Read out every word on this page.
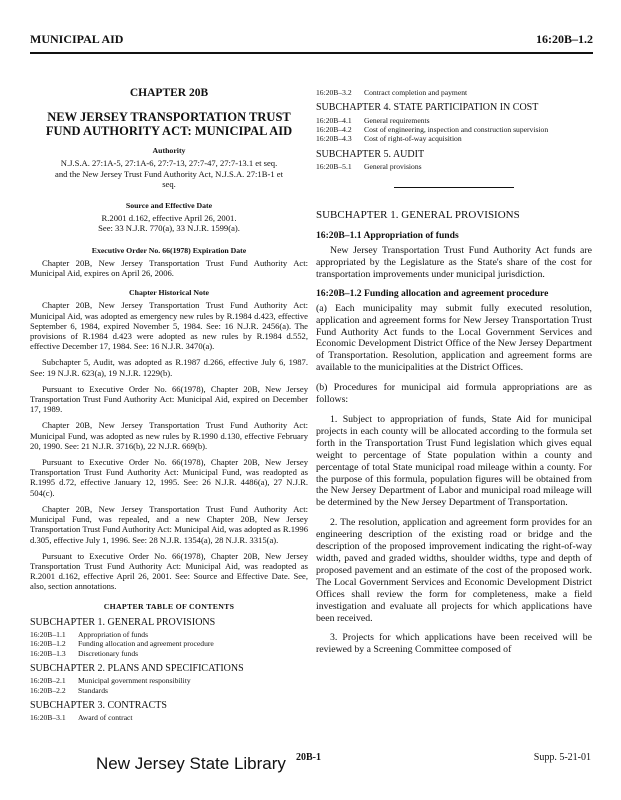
MUNICIPAL AID	16:20B–1.2
CHAPTER 20B
NEW JERSEY TRANSPORTATION TRUST FUND AUTHORITY ACT: MUNICIPAL AID
Authority
N.J.S.A. 27:1A-5, 27:1A-6, 27:7-13, 27:7-47, 27:7-13.1 et seq. and the New Jersey Trust Fund Authority Act, N.J.S.A. 27:1B-1 et seq.
Source and Effective Date
R.2001 d.162, effective April 26, 2001.
See: 33 N.J.R. 770(a), 33 N.J.R. 1599(a).
Executive Order No. 66(1978) Expiration Date
Chapter 20B, New Jersey Transportation Trust Fund Authority Act: Municipal Aid, expires on April 26, 2006.
Chapter Historical Note
Chapter 20B, New Jersey Transportation Trust Fund Authority Act: Municipal Aid, was adopted as emergency new rules by R.1984 d.423, effective September 6, 1984, expired November 5, 1984. See: 16 N.J.R. 2456(a). The provisions of R.1984 d.423 were adopted as new rules by R.1984 d.552, effective December 17, 1984. See: 16 N.J.R. 3470(a).
Subchapter 5, Audit, was adopted as R.1987 d.266, effective July 6, 1987. See: 19 N.J.R. 623(a), 19 N.J.R. 1229(b).
Pursuant to Executive Order No. 66(1978), Chapter 20B, New Jersey Transportation Trust Fund Authority Act: Municipal Aid, expired on December 17, 1989.
Chapter 20B, New Jersey Transportation Trust Fund Authority Act: Municipal Fund, was adopted as new rules by R.1990 d.130, effective February 20, 1990. See: 21 N.J.R. 3716(b), 22 N.J.R. 669(b).
Pursuant to Executive Order No. 66(1978), Chapter 20B, New Jersey Transportation Trust Fund Authority Act: Municipal Fund, was readopted as R.1995 d.72, effective January 12, 1995. See: 26 N.J.R. 4486(a), 27 N.J.R. 504(c).
Chapter 20B, New Jersey Transportation Trust Fund Authority Act: Municipal Fund, was repealed, and a new Chapter 20B, New Jersey Transportation Trust Fund Authority Act: Municipal Aid, was adopted as R.1996 d.305, effective July 1, 1996. See: 28 N.J.R. 1354(a), 28 N.J.R. 3315(a).
Pursuant to Executive Order No. 66(1978), Chapter 20B, New Jersey Transportation Trust Fund Authority Act: Municipal Aid, was readopted as R.2001 d.162, effective April 26, 2001. See: Source and Effective Date. See, also, section annotations.
CHAPTER TABLE OF CONTENTS
SUBCHAPTER 1. GENERAL PROVISIONS
16:20B–1.1	Appropriation of funds
16:20B–1.2	Funding allocation and agreement procedure
16:20B–1.3	Discretionary funds
SUBCHAPTER 2. PLANS AND SPECIFICATIONS
16:20B–2.1	Municipal government responsibility
16:20B–2.2	Standards
SUBCHAPTER 3. CONTRACTS
16:20B–3.1	Award of contract
16:20B–3.2	Contract completion and payment
SUBCHAPTER 4. STATE PARTICIPATION IN COST
16:20B–4.1	General requirements
16:20B–4.2	Cost of engineering, inspection and construction supervision
16:20B–4.3	Cost of right-of-way acquisition
SUBCHAPTER 5. AUDIT
16:20B–5.1	General provisions
SUBCHAPTER 1. GENERAL PROVISIONS
16:20B–1.1 Appropriation of funds
New Jersey Transportation Trust Fund Authority Act funds are appropriated by the Legislature as the State's share of the cost for transportation improvements under municipal jurisdiction.
16:20B–1.2 Funding allocation and agreement procedure
(a) Each municipality may submit fully executed resolution, application and agreement forms for New Jersey Transportation Trust Fund Authority Act funds to the Local Government Services and Economic Development District Office of the New Jersey Department of Transportation. Resolution, application and agreement forms are available to the municipalities at the District Offices.
(b) Procedures for municipal aid formula appropriations are as follows:
1. Subject to appropriation of funds, State Aid for municipal projects in each county will be allocated according to the formula set forth in the Transportation Trust Fund legislation which gives equal weight to percentage of State population within a county and percentage of total State municipal road mileage within a county. For the purpose of this formula, population figures will be obtained from the New Jersey Department of Labor and municipal road mileage will be determined by the New Jersey Department of Transportation.
2. The resolution, application and agreement form provides for an engineering description of the existing road or bridge and the description of the proposed improvement indicating the right-of-way width, paved and graded widths, shoulder widths, type and depth of proposed pavement and an estimate of the cost of the proposed work. The Local Government Services and Economic Development District Offices shall review the form for completeness, make a field investigation and evaluate all projects for which applications have been received.
3. Projects for which applications have been received will be reviewed by a Screening Committee composed of
New Jersey State Library 20B-1	Supp. 5-21-01
